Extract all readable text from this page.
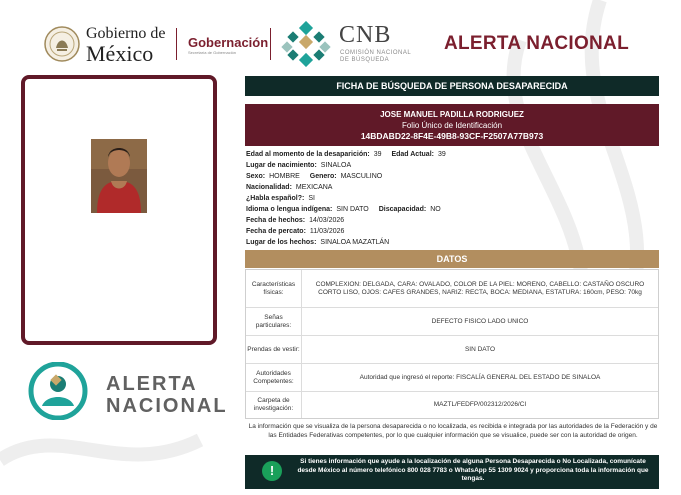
Gobierno de
México	Gobernación
Secretaría de Gobernación
CNB
COMISIÓN NACIONAL
DE BÚSQUEDA
ALERTA NACIONAL
ALERTA
NACIONAL
FICHA DE BÚSQUEDA DE PERSONA DESAPARECIDA
JOSE MANUEL PADILLA RODRIGUEZ
Folio Único de Identificación
14BDABD22-8F4E-49B8-93CF-F2507A77B973
Edad al momento de la desaparición: 39 Edad Actual: 39
Lugar de nacimiento: SINALOA
Sexo: HOMBRE Genero: MASCULINO
Nacionalidad: MEXICANA
¿Habla español?: SI
Idioma o lengua indígena: SIN DATO Discapacidad: NO
Fecha de hechos: 14/03/2026
Fecha de percato: 11/03/2026
Lugar de los hechos: SINALOA MAZATLÁN
DATOS
Características físicas:
COMPLEXION: DELGADA, CARA: OVALADO, COLOR DE LA PIEL: MORENO, CABELLO: CASTAÑO OSCURO CORTO LISO, OJOS: CAFES GRANDES, NARIZ: RECTA, BOCA: MEDIANA, ESTATURA: 160cm, PESO: 70kg
Señas particulares:
DEFECTO FISICO LADO UNICO
Prendas de vestir:	SIN DATO
Autoridades Competentes:
Autoridad que ingresó el reporte: FISCALÍA GENERAL DEL ESTADO DE SINALOA
Carpeta de investigación:
MAZTL/FEDFP/002312/2026/CI
La información que se visualiza de la persona desaparecida o no localizada, es recibida e integrada por las autoridades de la Federación y de las Entidades Federativas competentes, por lo que cualquier información que se visualice, puede ser con la autoridad de origen.
Si tienes información que ayude a la localización de alguna Persona Desaparecida o No Localizada, comunícate desde México al número telefónico 800 028 7783 o WhatsApp 55 1309 9024 y proporciona toda la información que tengas.
!
